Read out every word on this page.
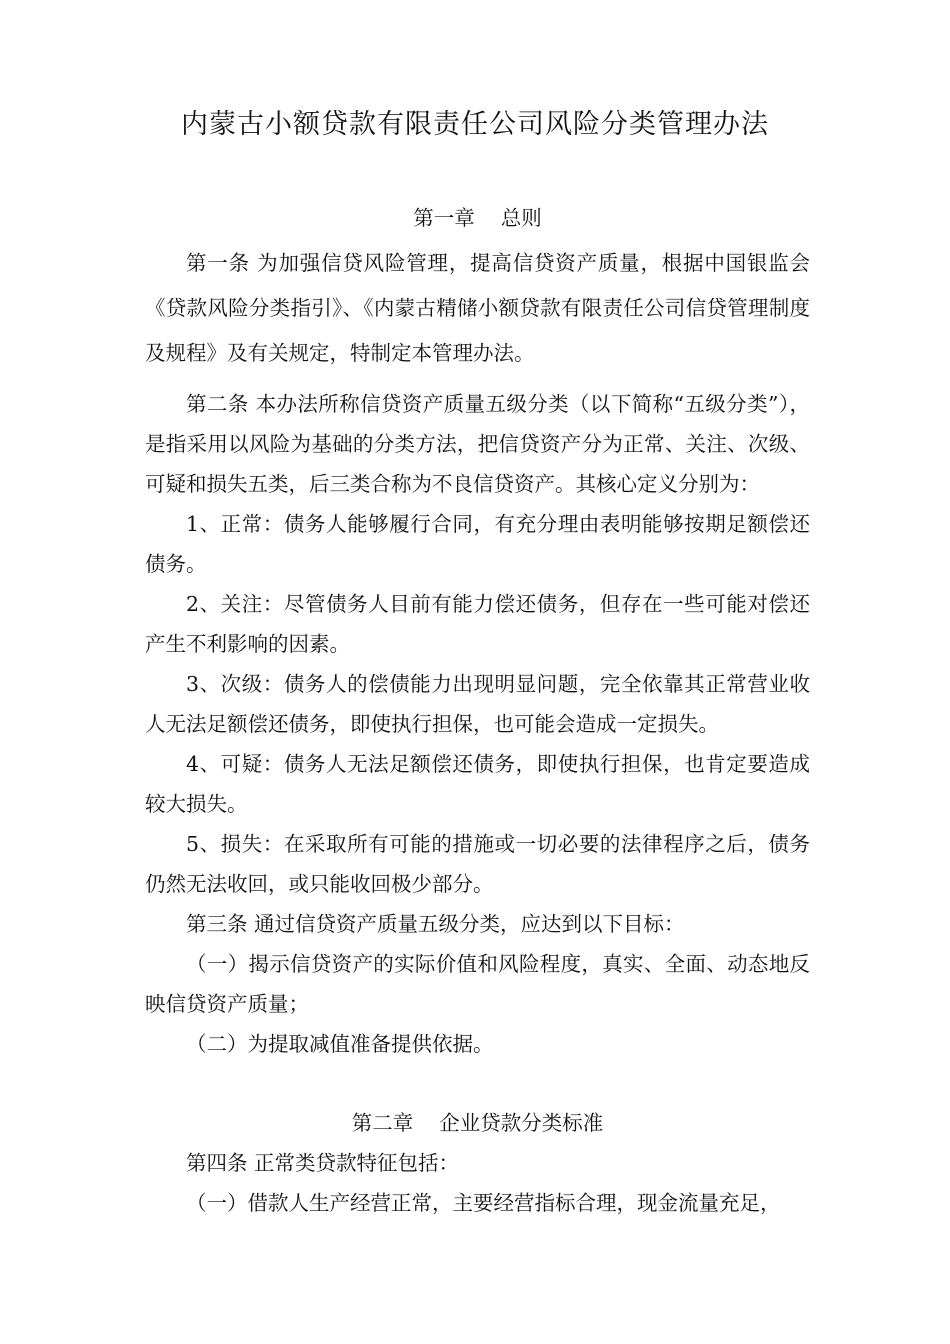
内蒙古小额贷款有限责任公司风险分类管理办法
第一章    总则
第一条 为加强信贷风险管理，提高信贷资产质量，根据中国银监会《贷款风险分类指引》、《内蒙古精储小额贷款有限责任公司信贷管理制度及规程》及有关规定，特制定本管理办法。
第二条 本办法所称信贷资产质量五级分类（以下简称“五级分类”），是指采用以风险为基础的分类方法，把信贷资产分为正常、关注、次级、可疑和损失五类，后三类合称为不良信贷资产。其核心定义分别为：
1、正常：债务人能够履行合同，有充分理由表明能够按期足额偿还债务。
2、关注：尽管债务人目前有能力偿还债务，但存在一些可能对偿还产生不利影响的因素。
3、次级：债务人的偿债能力出现明显问题，完全依靠其正常营业收人无法足额偿还债务，即使执行担保，也可能会造成一定损失。
4、可疑：债务人无法足额偿还债务，即使执行担保，也肯定要造成较大损失。
5、损失：在采取所有可能的措施或一切必要的法律程序之后，债务仍然无法收回，或只能收回极少部分。
第三条 通过信贷资产质量五级分类，应达到以下目标：
（一）揭示信贷资产的实际价值和风险程度，真实、全面、动态地反映信贷资产质量；
（二）为提取减值准备提供依据。
第二章    企业贷款分类标准
第四条 正常类贷款特征包括：
（一）借款人生产经营正常，主要经营指标合理，现金流量充足，
